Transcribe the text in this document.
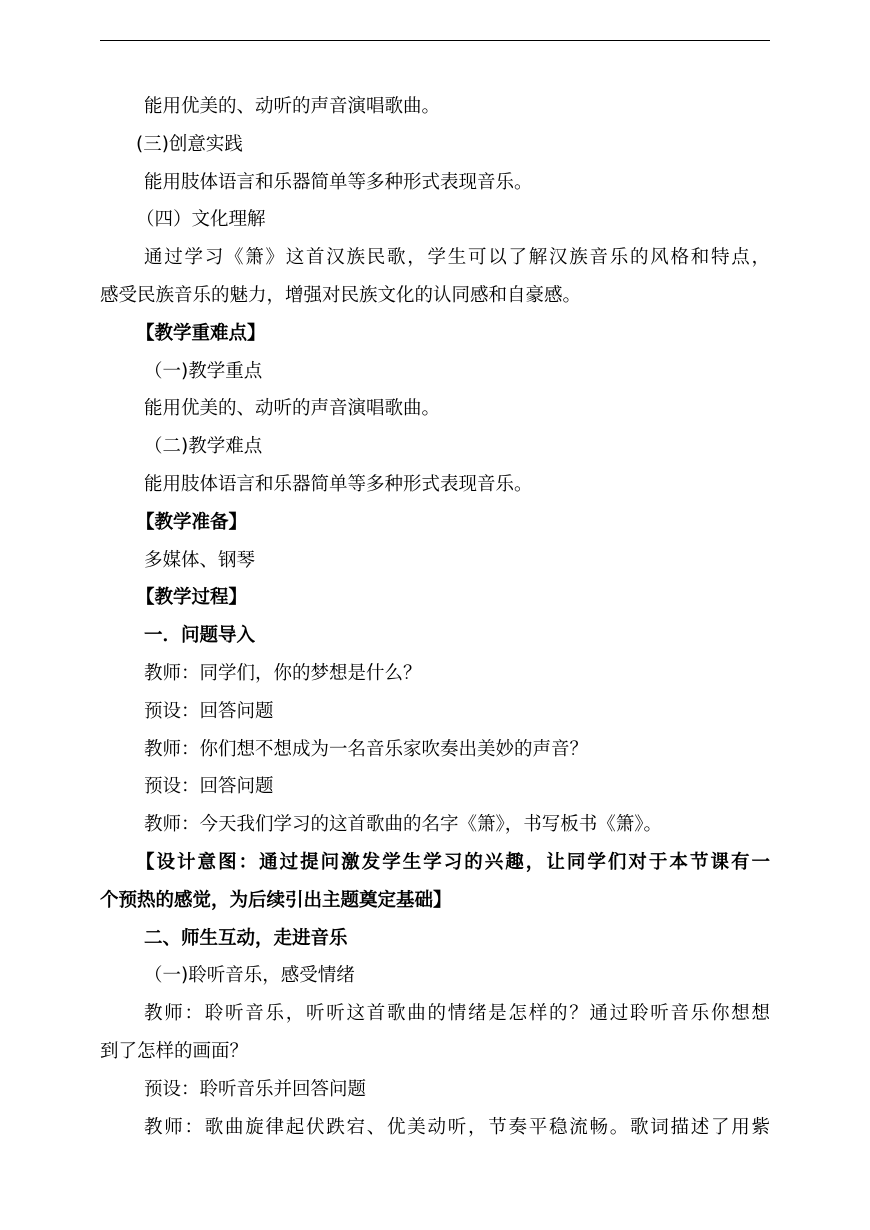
能用优美的、动听的声音演唱歌曲。
(三)创意实践
能用肢体语言和乐器简单等多种形式表现音乐。
（四）文化理解
通过学习《箫》这首汉族民歌，学生可以了解汉族音乐的风格和特点，
感受民族音乐的魅力，增强对民族文化的认同感和自豪感。
【教学重难点】
（一)教学重点
能用优美的、动听的声音演唱歌曲。
（二)教学难点
能用肢体语言和乐器简单等多种形式表现音乐。
【教学准备】
多媒体、钢琴
【教学过程】
一．问题导入
教师：同学们，你的梦想是什么？
预设：回答问题
教师：你们想不想成为一名音乐家吹奏出美妙的声音？
预设：回答问题
教师：今天我们学习的这首歌曲的名字《箫》，书写板书《箫》。
【设计意图：通过提问激发学生学习的兴趣，让同学们对于本节课有一
个预热的感觉，为后续引出主题奠定基础】
二、师生互动，走进音乐
（一)聆听音乐，感受情绪
教师：聆听音乐，听听这首歌曲的情绪是怎样的？通过聆听音乐你想想
到了怎样的画面？
预设：聆听音乐并回答问题
教师：歌曲旋律起伏跌宕、优美动听，节奏平稳流畅。歌词描述了用紫
